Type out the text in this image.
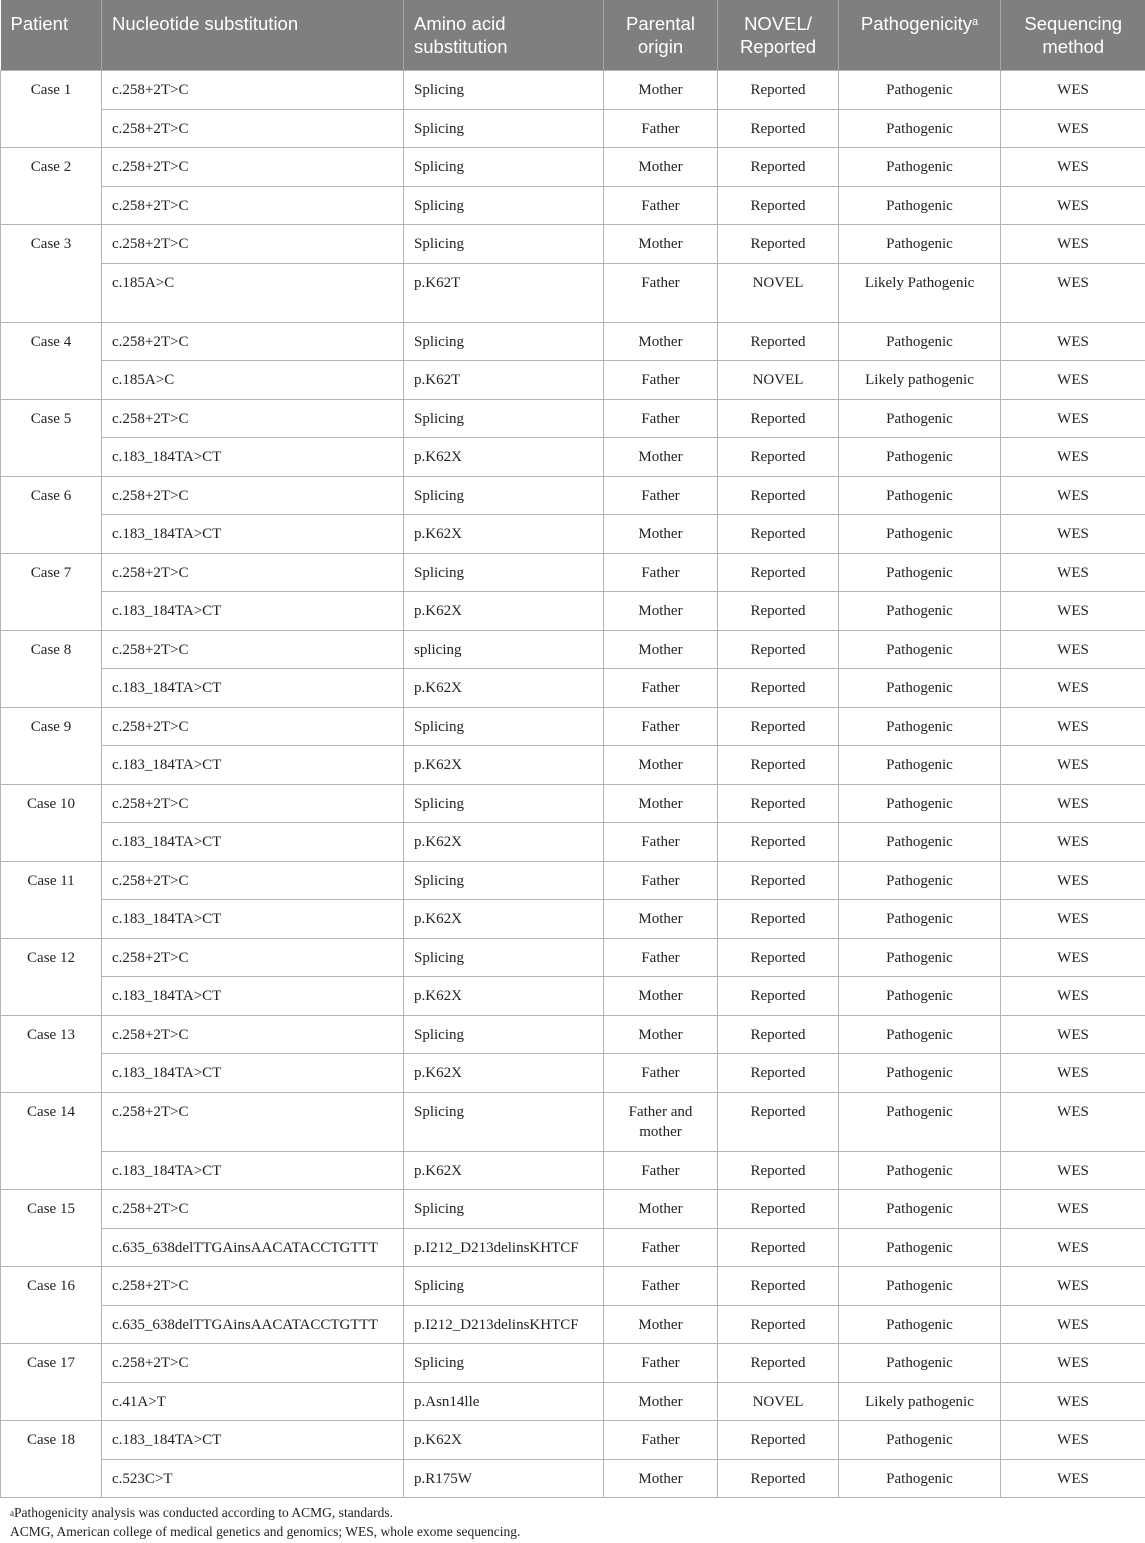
Patient	Nucleotide substitution	Amino acid substitution	Parental origin	NOVEL/ Reported	Pathogenicity$^a$	Sequencing method
Case 1	c.258+2T>C	Splicing	Mother	Reported	Pathogenic	WES
	c.258+2T>C	Splicing	Father	Reported	Pathogenic	WES
Case 2	c.258+2T>C	Splicing	Mother	Reported	Pathogenic	WES
	c.258+2T>C	Splicing	Father	Reported	Pathogenic	WES
Case 3	c.258+2T>C	Splicing	Mother	Reported	Pathogenic	WES
	c.185A>C	p.K62T	Father	NOVEL	Likely Pathogenic	WES
Case 4	c.258+2T>C	Splicing	Mother	Reported	Pathogenic	WES
	c.185A>C	p.K62T	Father	NOVEL	Likely pathogenic	WES
Case 5	c.258+2T>C	Splicing	Father	Reported	Pathogenic	WES
	c.183_184TA>CT	p.K62X	Mother	Reported	Pathogenic	WES
Case 6	c.258+2T>C	Splicing	Father	Reported	Pathogenic	WES
	c.183_184TA>CT	p.K62X	Mother	Reported	Pathogenic	WES
Case 7	c.258+2T>C	Splicing	Father	Reported	Pathogenic	WES
	c.183_184TA>CT	p.K62X	Mother	Reported	Pathogenic	WES
Case 8	c.258+2T>C	splicing	Mother	Reported	Pathogenic	WES
	c.183_184TA>CT	p.K62X	Father	Reported	Pathogenic	WES
Case 9	c.258+2T>C	Splicing	Father	Reported	Pathogenic	WES
	c.183_184TA>CT	p.K62X	Mother	Reported	Pathogenic	WES
Case 10	c.258+2T>C	Splicing	Mother	Reported	Pathogenic	WES
	c.183_184TA>CT	p.K62X	Father	Reported	Pathogenic	WES
Case 11	c.258+2T>C	Splicing	Father	Reported	Pathogenic	WES
	c.183_184TA>CT	p.K62X	Mother	Reported	Pathogenic	WES
Case 12	c.258+2T>C	Splicing	Father	Reported	Pathogenic	WES
	c.183_184TA>CT	p.K62X	Mother	Reported	Pathogenic	WES
Case 13	c.258+2T>C	Splicing	Mother	Reported	Pathogenic	WES
	c.183_184TA>CT	p.K62X	Father	Reported	Pathogenic	WES
Case 14	c.258+2T>C	Splicing	Father and mother	Reported	Pathogenic	WES
	c.183_184TA>CT	p.K62X	Father	Reported	Pathogenic	WES
Case 15	c.258+2T>C	Splicing	Mother	Reported	Pathogenic	WES
	c.635_638delTTGAinsAACATACCTGTTT	p.I212_D213delinsKHTCF	Father	Reported	Pathogenic	WES
Case 16	c.258+2T>C	Splicing	Father	Reported	Pathogenic	WES
	c.635_638delTTGAinsAACATACCTGTTT	p.I212_D213delinsKHTCF	Mother	Reported	Pathogenic	WES
Case 17	c.258+2T>C	Splicing	Father	Reported	Pathogenic	WES
	c.41A>T	p.Asn14lle	Mother	NOVEL	Likely pathogenic	WES
Case 18	c.183_184TA>CT	p.K62X	Father	Reported	Pathogenic	WES
	c.523C>T	p.R175W	Mother	Reported	Pathogenic	WES
$^a$Pathogenicity analysis was conducted according to ACMG, standards.
ACMG, American college of medical genetics and genomics; WES, whole exome sequencing.
